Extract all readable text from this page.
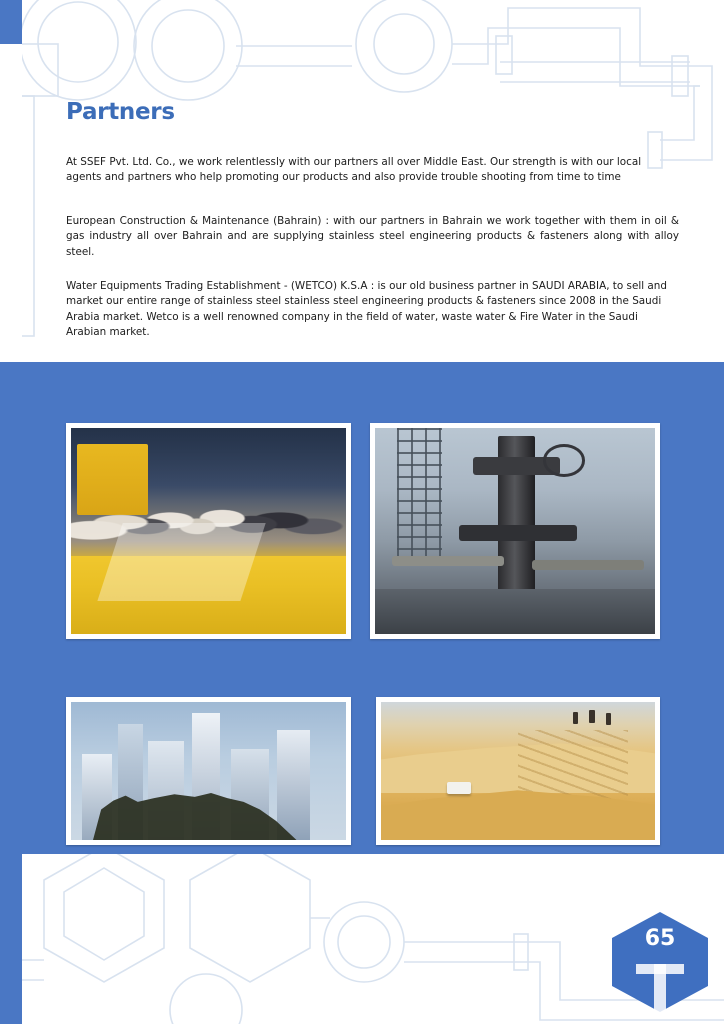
Partners
At SSEF Pvt. Ltd. Co., we work relentlessly with our partners all over Middle East. Our strength is with our local agents and partners who help promoting our products and also provide trouble shooting from time to time
European Construction & Maintenance (Bahrain) : with our partners in Bahrain we work together with them in oil & gas industry all over Bahrain and are supplying stainless steel engineering products & fasteners along with alloy steel.
Water Equipments Trading Establishment - (WETCO) K.S.A : is our old business partner in SAUDI ARABIA, to sell and market our entire range of stainless steel stainless steel engineering products & fasteners since 2008 in the Saudi Arabia market. Wetco is a well renowned company in the field of water, waste water & Fire Water in the Saudi Arabian market.
65
